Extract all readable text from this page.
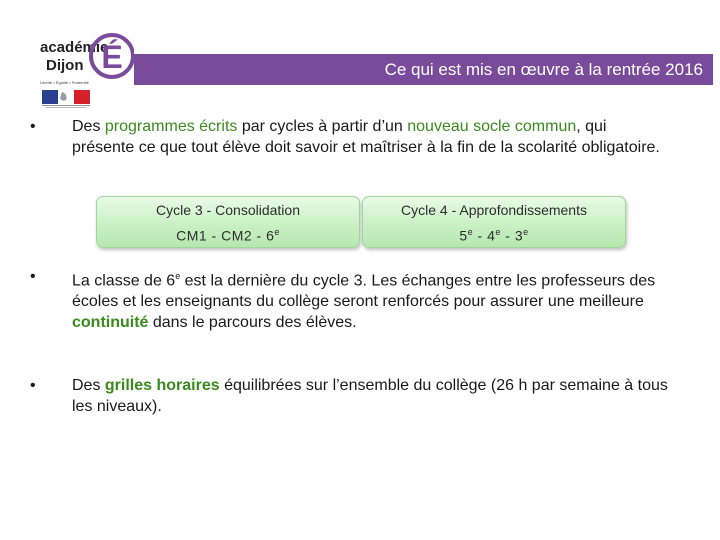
académie
Dijon
Liberté • Égalité • Fraternité
É	Ce qui est mis en œuvre à la rentrée 2016
•	Des programmes écrits par cycles à partir d’un nouveau socle commun, qui présente ce que tout élève doit savoir et maîtriser à la fin de la scolarité obligatoire.
Cycle 3 - Consolidation
CM1 - CM2 - 6e
Cycle 4 - Approfondissements
5e - 4e - 3e
•	La classe de 6e est la dernière du cycle 3. Les échanges entre les professeurs des écoles et les enseignants du collège seront renforcés pour assurer une meilleure continuité dans le parcours des élèves.
•	Des grilles horaires équilibrées sur l’ensemble du collège (26 h par semaine à tous les niveaux).
